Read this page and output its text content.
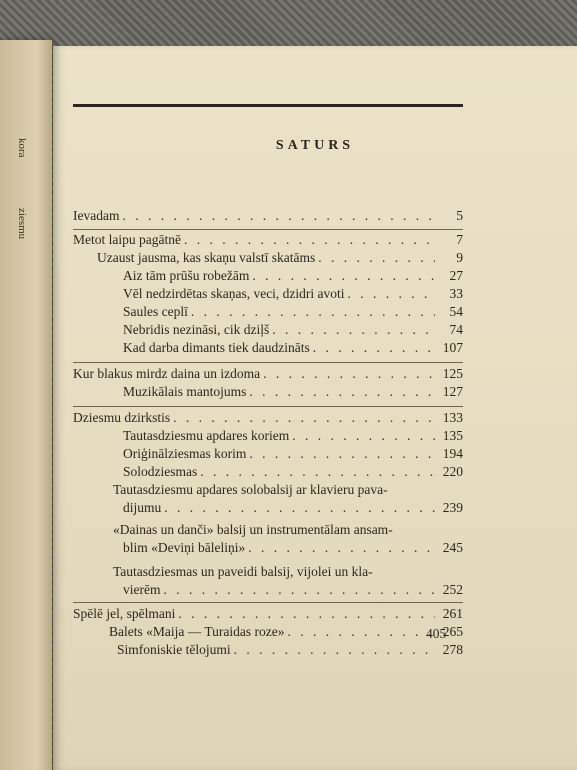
kora
ziesmu
SATURS
Ievadam . . .	5
Metot laipu pagātnē . . .	7
Uzaust jausma, kas skaņu valstī skatāms . . .	9
Aiz tām prūšu robežām . . .	27
Vēl nedzirdētas skaņas, veci, dzidri avoti . . .	33
Saules ceplī . . .	54
Nebridis nezināsi, cik dziļš . . .	74
Kad darba dimants tiek daudzināts . . .	107
Kur blakus mirdz daina un izdoma . . .	125
Muzikālais mantojums . . .	127
Dziesmu dzirkstis . . .	133
Tautasdziesmu apdares koriem . . .	135
Oriģinālziesmas korim . . .	194
Solodziesmas . . .	220
Tautasdziesmu apdares solobalsij ar klavieru pava-
dijumu . . .	239
«Dainas un danči» balsij un instrumentālam ansam-
blim «Deviņi bāleliņi» . . .	245
Tautasdziesmas un paveidi balsij, vijolei un kla-
vierēm . . .	252
Spēlē jel, spēlmani . . .	261
Balets «Maija — Turaidas roze» . . .	265
Simfoniskie tēlojumi . . .	278
405
